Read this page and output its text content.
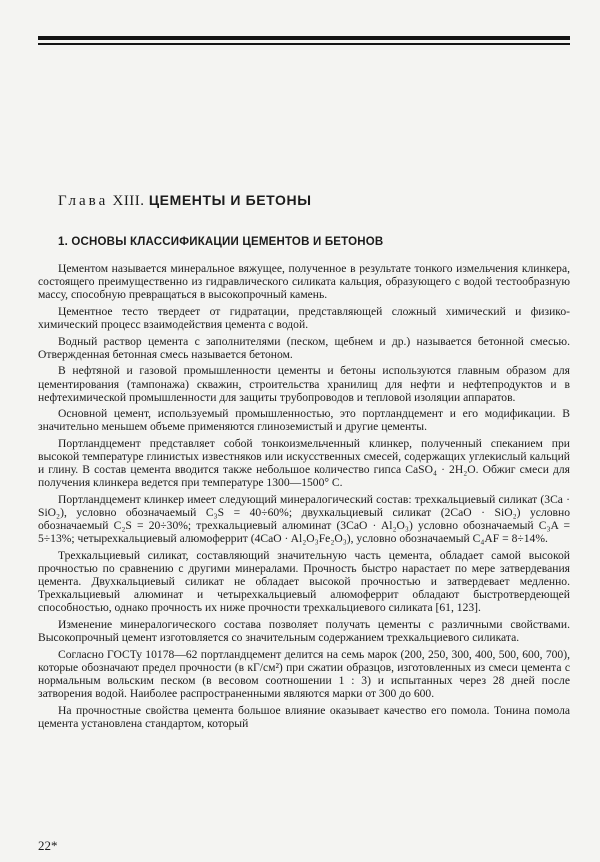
Глава XIII. ЦЕМЕНТЫ И БЕТОНЫ
1. ОСНОВЫ КЛАССИФИКАЦИИ ЦЕМЕНТОВ И БЕТОНОВ

Цементом называется минеральное вяжущее, полученное в результате тонкого измельчения клинкера, состоящего преимущественно из гидравлического силиката кальция, образующего с водой тестообразную массу, способную превращаться в высокопрочный камень.

Цементное тесто твердеет от гидратации, представляющей сложный химический и физико-химический процесс взаимодействия цемента с водой.

Водный раствор цемента с заполнителями (песком, щебнем и др.) называется бетонной смесью. Отвержденная бетонная смесь называется бетоном.

В нефтяной и газовой промышленности цементы и бетоны используются главным образом для цементирования (тампонажа) скважин, строительства хранилищ для нефти и нефтепродуктов и в нефтехимической промышленности для защиты трубопроводов и тепловой изоляции аппаратов.

Основной цемент, используемый промышленностью, это портландцемент и его модификации. В значительно меньшем объеме применяются глиноземистый и другие цементы.

Портландцемент представляет собой тонкоизмельченный клинкер, полученный спеканием при высокой температуре глинистых известняков или искусственных смесей, содержащих углекислый кальций и глину. В состав цемента вводится также небольшое количество гипса CaSO₄ · 2H₂O. Обжиг смеси для получения клинкера ведется при температуре 1300—1500° С.

Портландцемент клинкер имеет следующий минералогический состав: трехкальциевый силикат (3Ca · SiO₂), условно обозначаемый C₃S = 40÷60%; двухкальциевый силикат (2CaO · SiO₂) условно обозначаемый C₂S = 20÷30%; трехкальциевый алюминат (3CaO · Al₂O₃) условно обозначаемый C₃A = 5÷13%; четырехкальциевый алюмоферрит (4CaO · Al₂O₃Fe₂O₃), условно обозначаемый C₄AF = 8÷14%.

Трехкальциевый силикат, составляющий значительную часть цемента, обладает самой высокой прочностью по сравнению с другими минералами. Прочность быстро нарастает по мере затвердевания цемента. Двухкальциевый силикат не обладает высокой прочностью и затвердевает медленно. Трехкальциевый алюминат и четырехкальциевый алюмоферрит обладают быстротвердеющей способностью, однако прочность их ниже прочности трехкальциевого силиката [61, 123].

Изменение минералогического состава позволяет получать цементы с различными свойствами. Высокопрочный цемент изготовляется со значительным содержанием трехкальциевого силиката.

Согласно ГОСТу 10178—62 портландцемент делится на семь марок (200, 250, 300, 400, 500, 600, 700), которые обозначают предел прочности (в кГ/см²) при сжатии образцов, изготовленных из смеси цемента с нормальным вольским песком (в весовом соотношении 1 : 3) и испытанных через 28 дней после затворения водой. Наиболее распространенными являются марки от 300 до 600.

На прочностные свойства цемента большое влияние оказывает качество его помола. Тонина помола цемента установлена стандартом, который

22*
